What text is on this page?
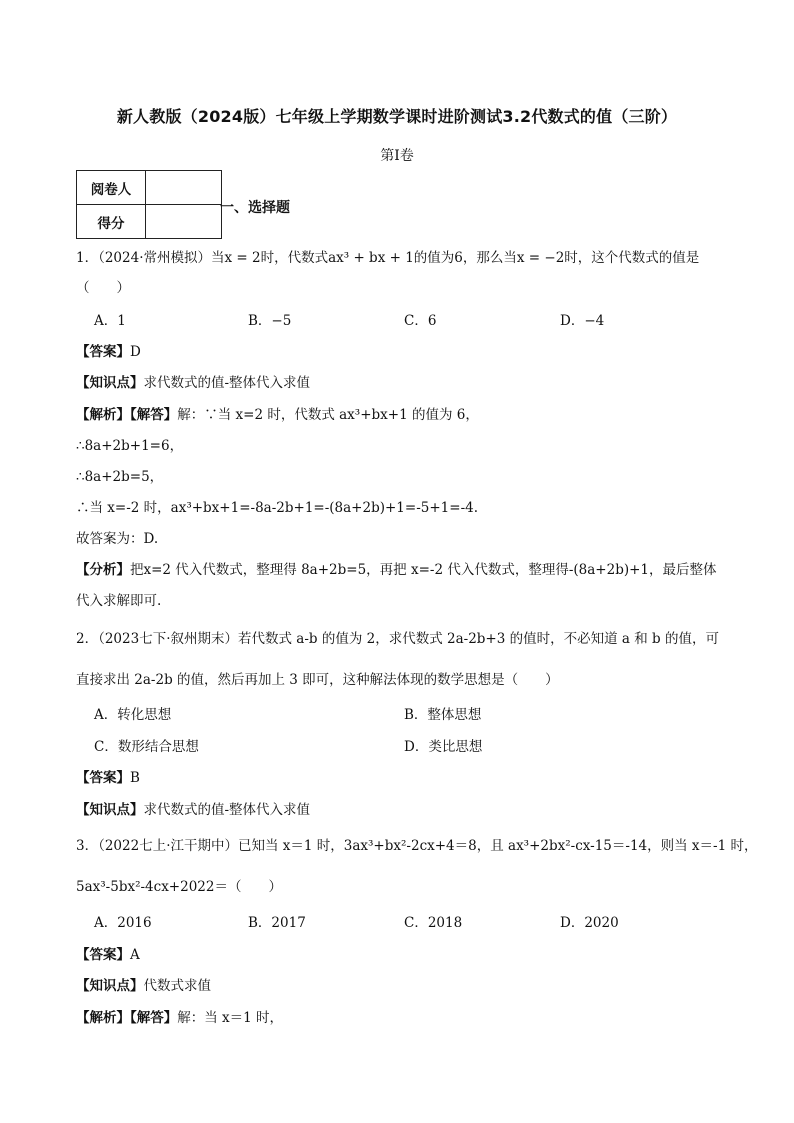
新人教版（2024版）七年级上学期数学课时进阶测试3.2代数式的值（三阶）
第I卷
阅卷人	
得分	
一、选择题
1．（2024·常州模拟）当x = 2时，代数式ax³ + bx + 1的值为6，那么当x = −2时，这个代数式的值是
（　　）
A．1	B．−5	C．6	D．−4
【答案】D
【知识点】求代数式的值-整体代入求值
【解析】【解答】解：∵当 x=2 时，代数式 ax³+bx+1 的值为 6，
∴8a+2b+1=6，
∴8a+2b=5，
∴当 x=-2 时，ax³+bx+1=-8a-2b+1=-(8a+2b)+1=-5+1=-4.
故答案为：D.
【分析】把x=2 代入代数式，整理得 8a+2b=5，再把 x=-2 代入代数式，整理得-(8a+2b)+1，最后整体
代入求解即可.
2．（2023七下·叙州期末）若代数式 a-b 的值为 2，求代数式 2a-2b+3 的值时，不必知道 a 和 b 的值，可
直接求出 2a-2b 的值，然后再加上 3 即可，这种解法体现的数学思想是（　　）
A．转化思想	B．整体思想
C．数形结合思想	D．类比思想
【答案】B
【知识点】求代数式的值-整体代入求值
3．（2022七上·江干期中）已知当 x＝1 时，3ax³+bx²-2cx+4＝8，且 ax³+2bx²-cx-15＝-14，则当 x＝-1 时，
5ax³-5bx²-4cx+2022＝（　　）
A．2016	B．2017	C．2018	D．2020
【答案】A
【知识点】代数式求值
【解析】【解答】解：当 x＝1 时，
